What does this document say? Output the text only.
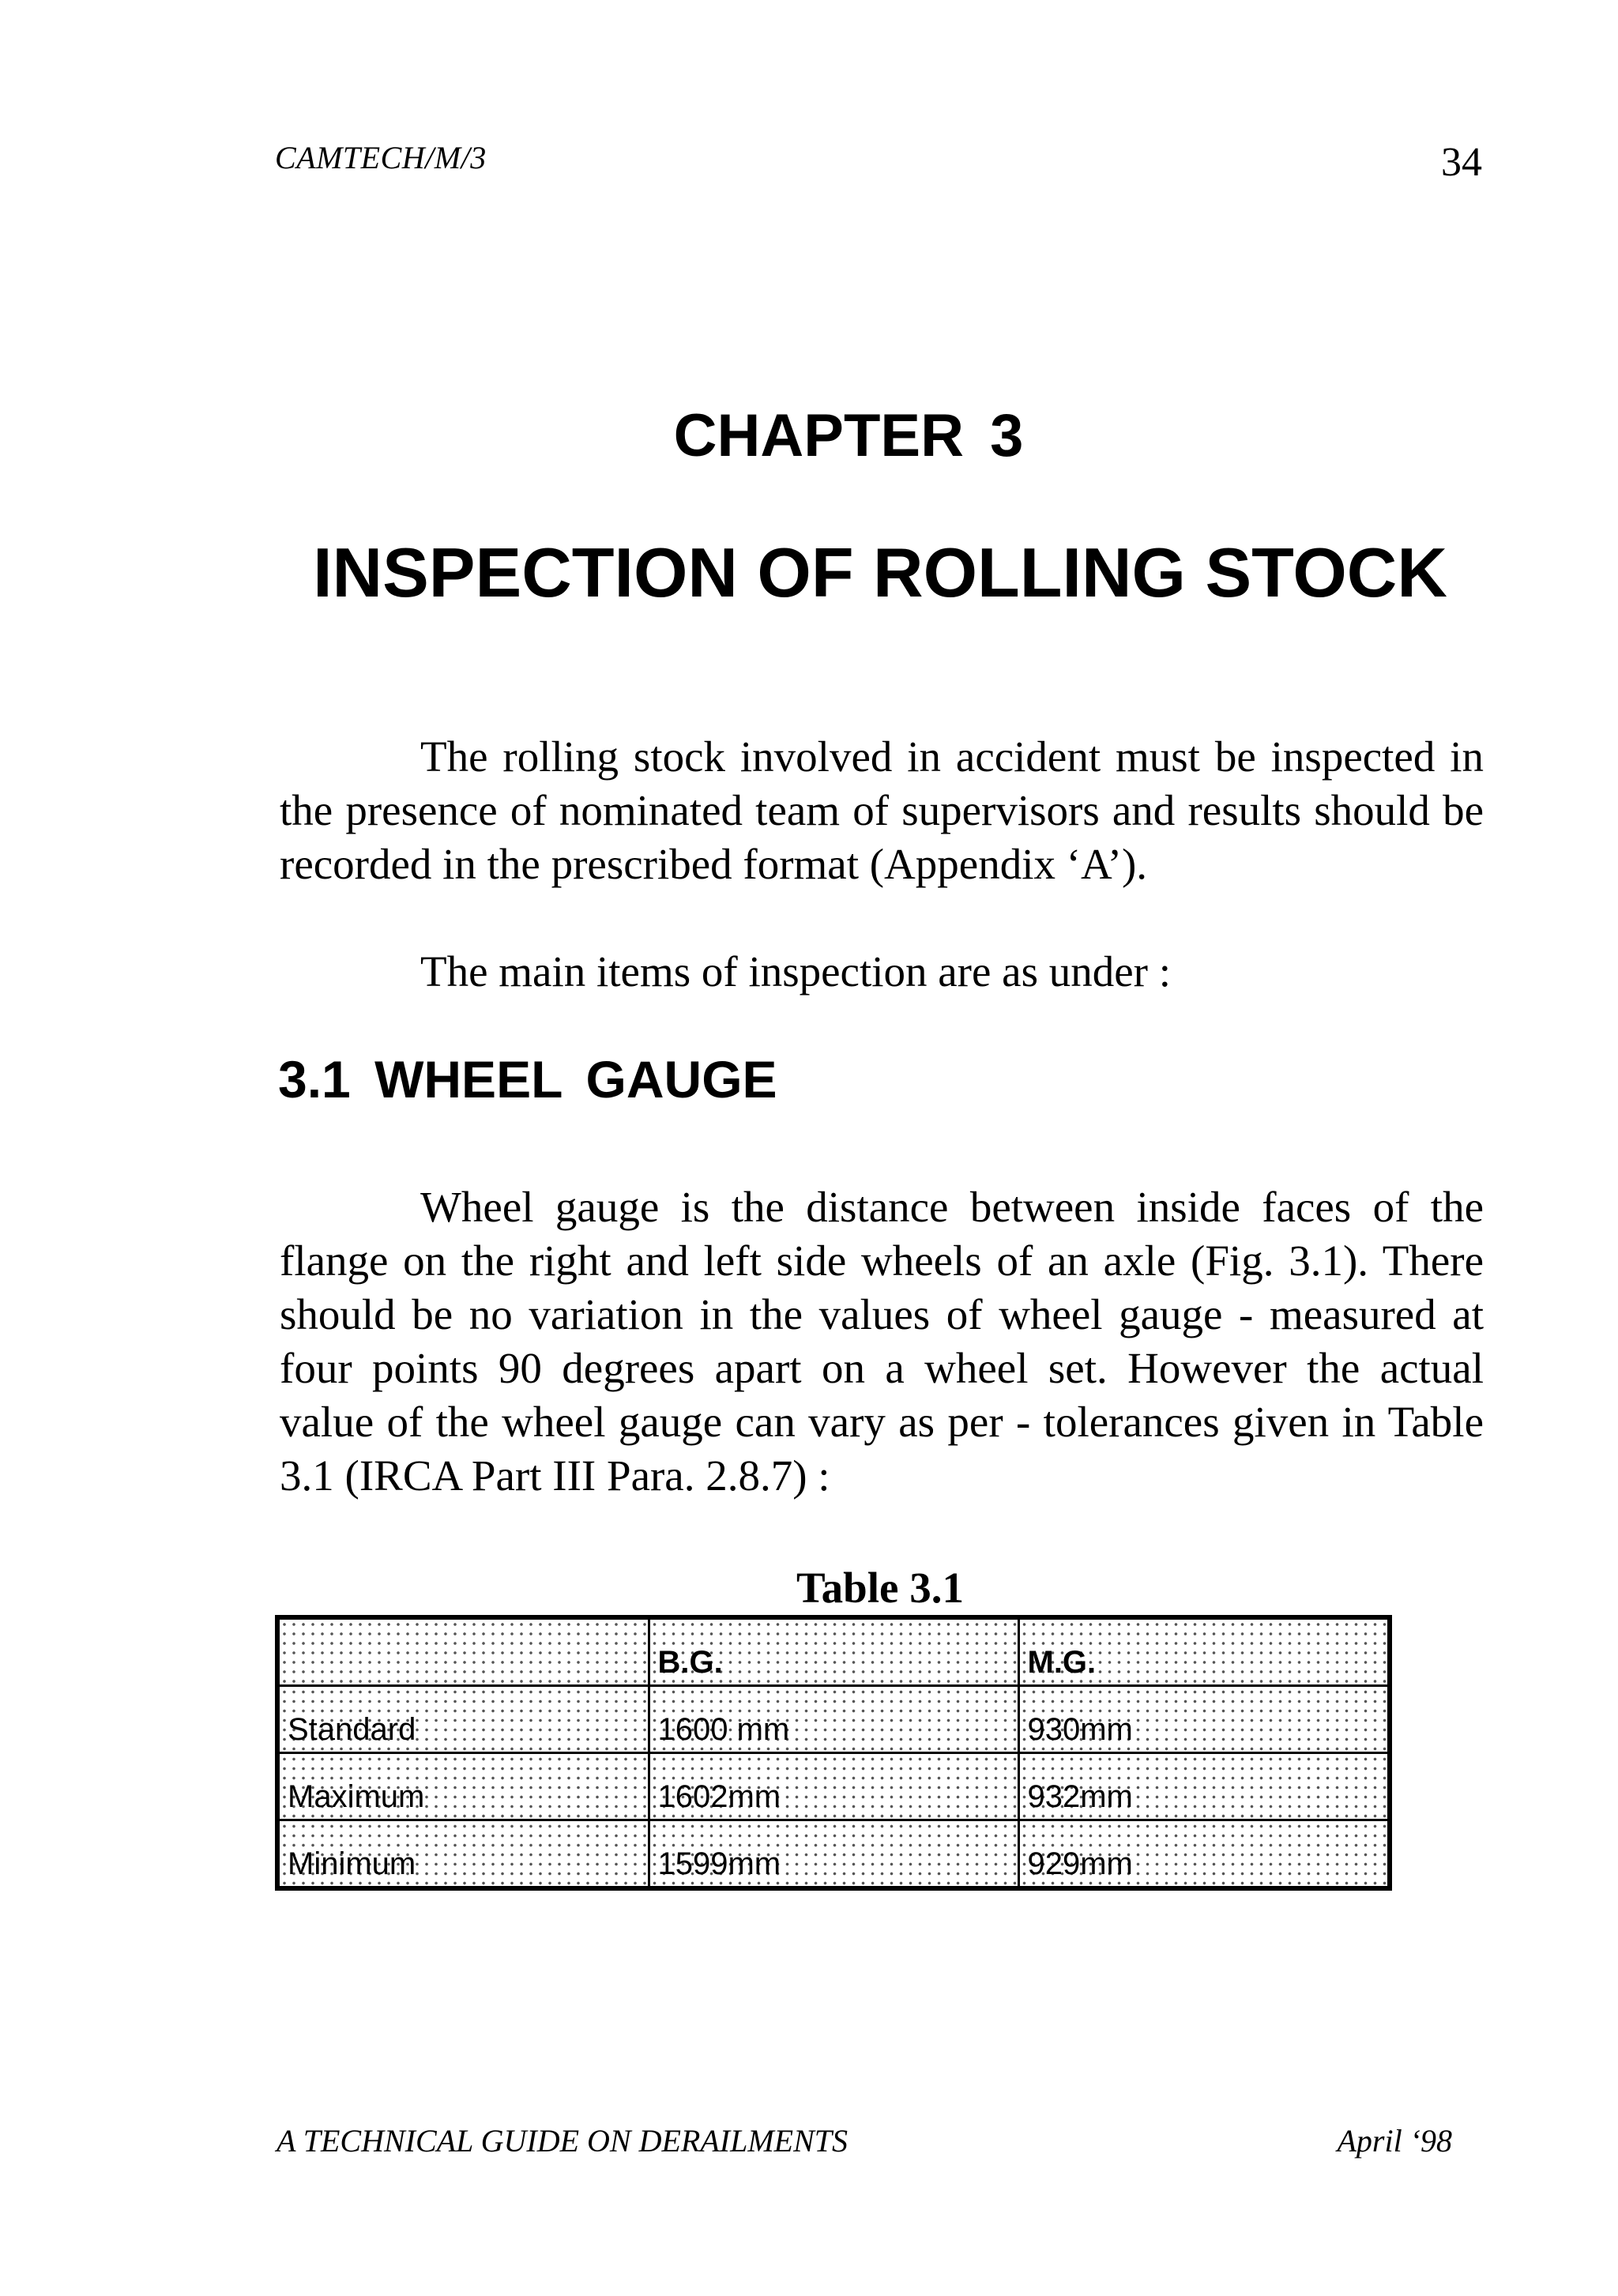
CAMTECH/M/3	34
CHAPTER 3
INSPECTION OF ROLLING STOCK

The rolling stock involved in accident must be inspected in the presence of nominated team of supervisors and results should be recorded in the prescribed format (Appendix ‘A’).

The main items of inspection are as under :

3.1 WHEEL GAUGE

Wheel gauge is the distance between inside faces of the flange on the right and left side wheels of an axle (Fig. 3.1). There should be no variation in the values of wheel gauge - measured at four points 90 degrees apart on a wheel set. However the actual value of the wheel gauge can vary as per - tolerances given in Table 3.1 (IRCA Part III Para. 2.8.7) :

Table 3.1
	B.G.	M.G.
Standard	1600 mm	930mm
Maximum	1602mm	932mm
Minimum	1599mm	929mm
A TECHNICAL GUIDE ON DERAILMENTS	April ‘98
